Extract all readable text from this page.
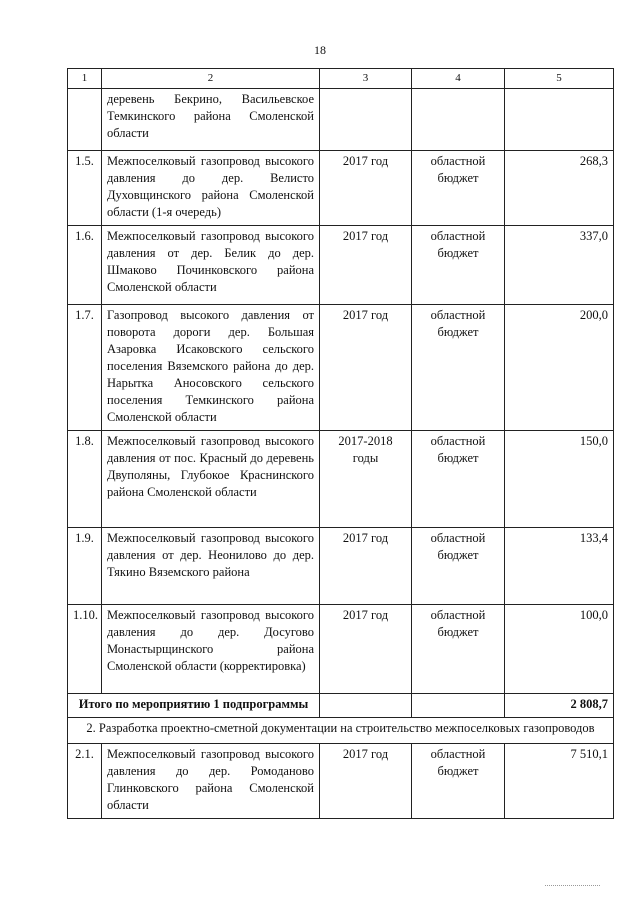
18
1	2	3	4	5
	деревень Бекрино, Васильевское Темкинского района Смоленской области			
1.5.	Межпоселковый газопровод высокого давления до дер. Велисто Духовщинского района Смоленской области (1-я очередь)	2017 год	областной бюджет	268,3
1.6.	Межпоселковый газопровод высокого давления от дер. Белик до дер. Шмаково Починковского района Смоленской области	2017 год	областной бюджет	337,0
1.7.	Газопровод высокого давления от поворота дороги дер. Большая Азаровка Исаковского сельского поселения Вяземского района до дер. Нарытка Аносовского сельского поселения Темкинского района Смоленской области	2017 год	областной бюджет	200,0
1.8.	Межпоселковый газопровод высокого давления от пос. Красный до деревень Двуполяны, Глубокое Краснинского района Смоленской области	2017-2018 годы	областной бюджет	150,0
1.9.	Межпоселковый газопровод высокого давления от дер. Неонилово до дер. Тякино Вяземского района	2017 год	областной бюджет	133,4
1.10.	Межпоселковый газопровод высокого давления до дер. Досугово Монастырщинского района Смоленской области (корректировка)	2017 год	областной бюджет	100,0
Итого по мероприятию 1 подпрограммы				2 808,7
2. Разработка проектно-сметной документации на строительство межпоселковых газопроводов				
2.1.	Межпоселковый газопровод высокого давления до дер. Ромоданово Глинковского района Смоленской области	2017 год	областной бюджет	7 510,1
